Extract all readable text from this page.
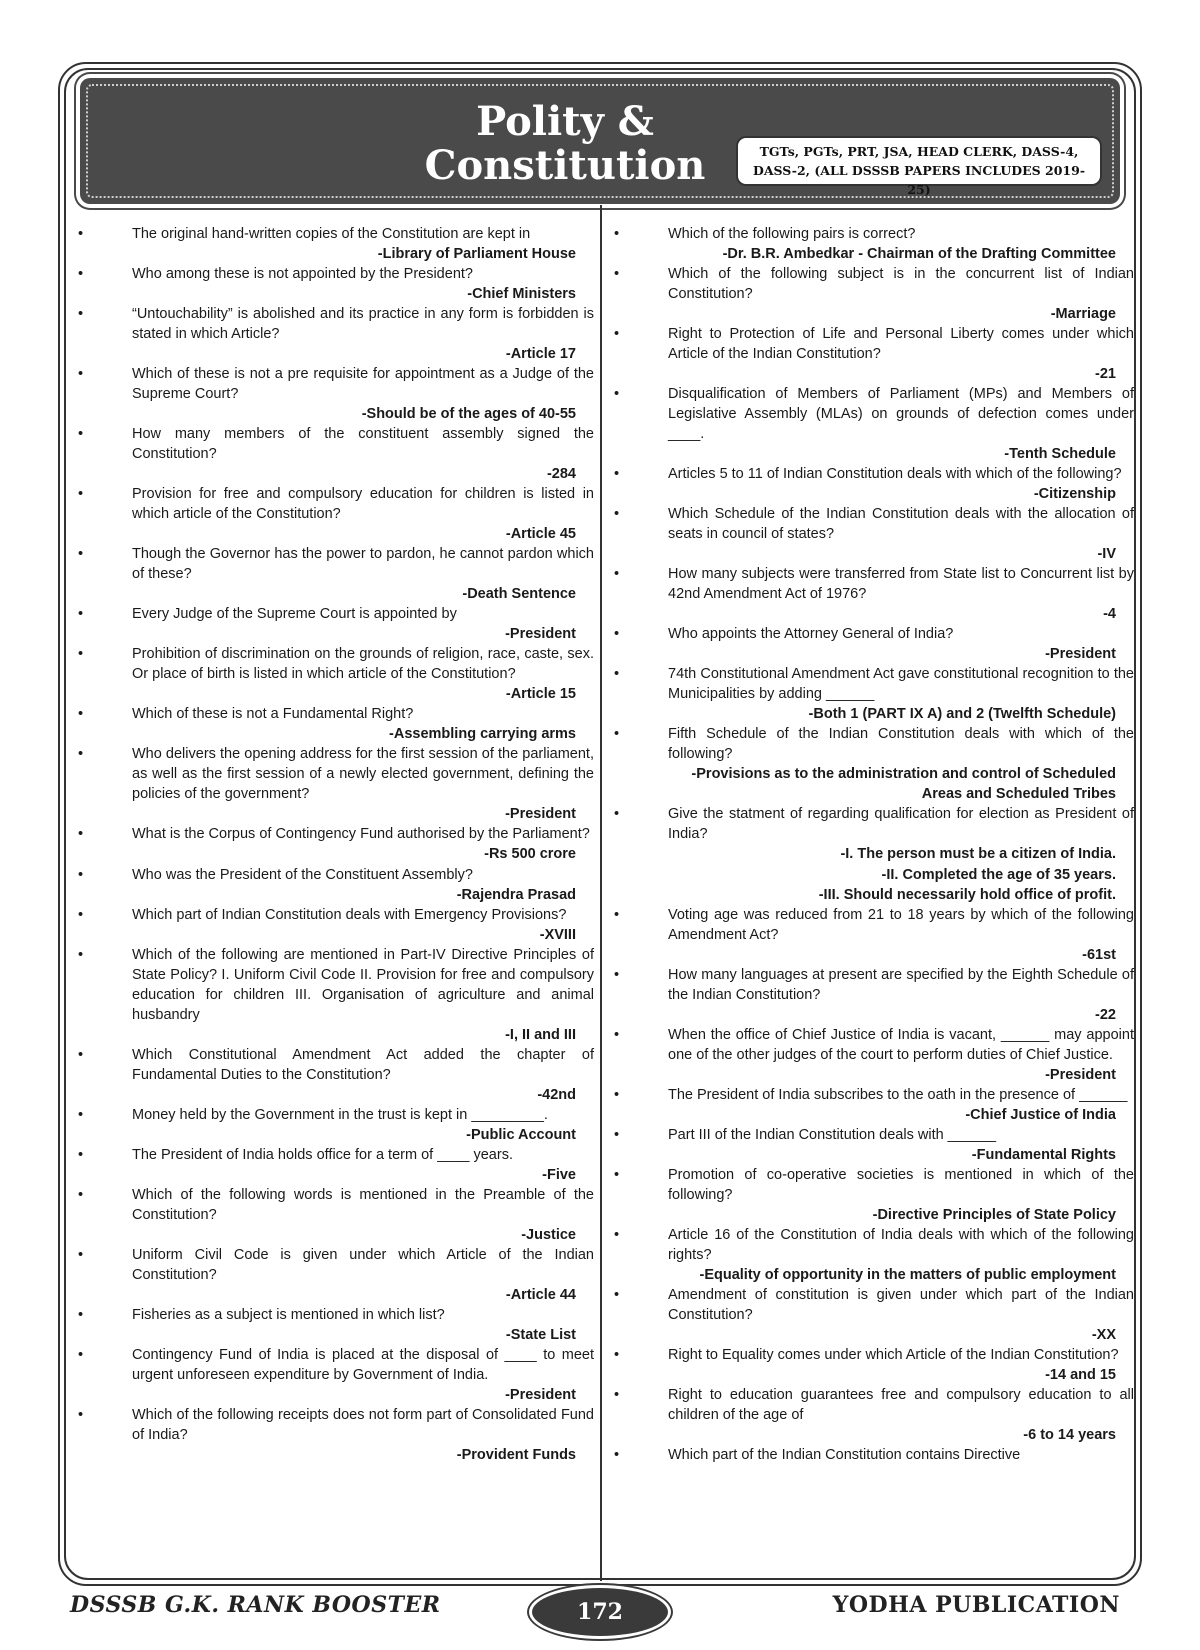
Polity &
Constitution	TGTs, PGTs, PRT, JSA, HEAD CLERK, DASS-4, DASS-2, (ALL DSSSB PAPERS INCLUDES 2019-25)
•	The original hand-written copies of the Constitution are kept in
-Library of Parliament House
•	Who among these is not appointed by the President?
-Chief Ministers
•	“Untouchability” is abolished and its practice in any form is forbidden is stated in which Article?
-Article 17
•	Which of these is not a pre requisite for appointment as a Judge of the Supreme Court?
-Should be of the ages of 40-55
•	How many members of the constituent assembly signed the Constitution?
-284
•	Provision for free and compulsory education for children is listed in which article of the Constitution?
-Article 45
•	Though the Governor has the power to pardon, he cannot pardon which of these?
-Death Sentence
•	Every Judge of the Supreme Court is appointed by
-President
•	Prohibition of discrimination on the grounds of religion, race, caste, sex. Or place of birth is listed in which article of the Constitution?
-Article 15
•	Which of these is not a Fundamental Right?
-Assembling carrying arms
•	Who delivers the opening address for the first session of the parliament, as well as the first session of a newly elected government, defining the policies of the government?
-President
•	What is the Corpus of Contingency Fund authorised by the Parliament?
-Rs 500 crore
•	Who was the President of the Constituent Assembly?
-Rajendra Prasad
•	Which part of Indian Constitution deals with Emergency Provisions?
-XVIII
•	Which of the following are mentioned in Part-IV Directive Principles of State Policy? I. Uniform Civil Code II. Provision for free and compulsory education for children III. Organisation of agriculture and animal husbandry
-I, II and III
•	Which Constitutional Amendment Act added the chapter of Fundamental Duties to the Constitution?
-42nd
•	Money held by the Government in the trust is kept in _________.
-Public Account
•	The President of India holds office for a term of ____ years.
-Five
•	Which of the following words is mentioned in the Preamble of the Constitution?
-Justice
•	Uniform Civil Code is given under which Article of the Indian Constitution?
-Article 44
•	Fisheries as a subject is mentioned in which list?
-State List
•	Contingency Fund of India is placed at the disposal of ____ to meet urgent unforeseen expenditure by Government of India.
-President
•	Which of the following receipts does not form part of Consolidated Fund of India?
-Provident Funds
•	Which of the following pairs is correct?
-Dr. B.R. Ambedkar - Chairman of the Drafting Committee
•	Which of the following subject is in the concurrent list of Indian Constitution?
-Marriage
•	Right to Protection of Life and Personal Liberty comes under which Article of the Indian Constitution?
-21
•	Disqualification of Members of Parliament (MPs) and Members of Legislative Assembly (MLAs) on grounds of defection comes under ____.
-Tenth Schedule
•	Articles 5 to 11 of Indian Constitution deals with which of the following?
-Citizenship
•	Which Schedule of the Indian Constitution deals with the allocation of seats in council of states?
-IV
•	How many subjects were transferred from State list to Concurrent list by 42nd Amendment Act of 1976?
-4
•	Who appoints the Attorney General of India?
-President
•	74th Constitutional Amendment Act gave constitutional recognition to the Municipalities by adding ______
-Both 1 (PART IX A) and 2 (Twelfth Schedule)
•	Fifth Schedule of the Indian Constitution deals with which of the following?
-Provisions as to the administration and control of Scheduled Areas and Scheduled Tribes
•	Give the statment of regarding qualification for election as President of India?
-I. The person must be a citizen of India.
-II. Completed the age of 35 years.
-III. Should necessarily hold office of profit.
•	Voting age was reduced from 21 to 18 years by which of the following Amendment Act?
-61st
•	How many languages at present are specified by the Eighth Schedule of the Indian Constitution?
-22
•	When the office of Chief Justice of India is vacant, ______ may appoint one of the other judges of the court to perform duties of Chief Justice.
-President
•	The President of India subscribes to the oath in the presence of ______
-Chief Justice of India
•	Part III of the Indian Constitution deals with ______
-Fundamental Rights
•	Promotion of co-operative societies is mentioned in which of the following?
-Directive Principles of State Policy
•	Article 16 of the Constitution of India deals with which of the following rights?
-Equality of opportunity in the matters of public employment
•	Amendment of constitution is given under which part of the Indian Constitution?
-XX
•	Right to Equality comes under which Article of the Indian Constitution?
-14 and 15
•	Right to education guarantees free and compulsory education to all children of the age of
-6 to 14 years
•	Which part of the Indian Constitution contains Directive
DSSSB G.K. RANK BOOSTER	172	YODHA PUBLICATION
